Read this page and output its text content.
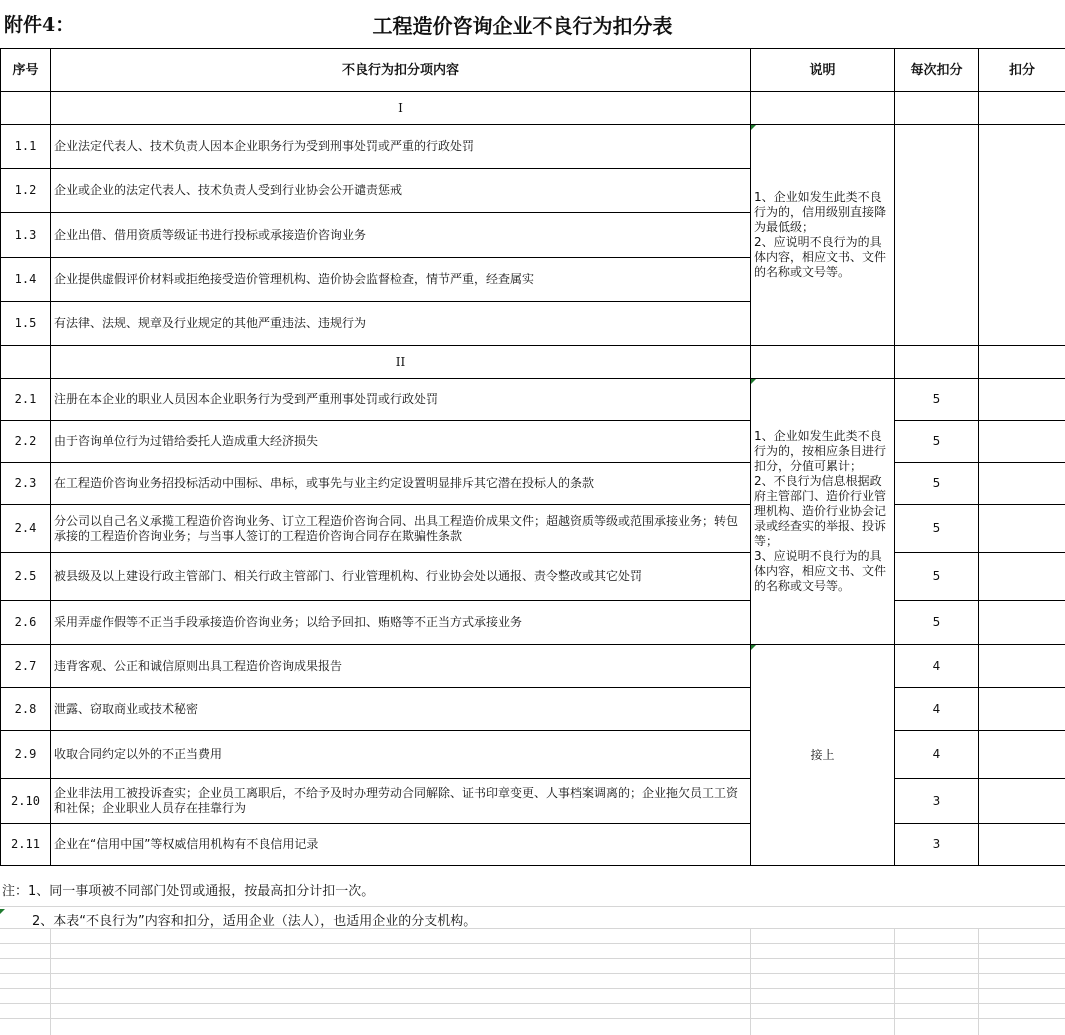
附件4：	工程造价咨询企业不良行为扣分表
序号	不良行为扣分项内容	说明	每次扣分	扣分
	I			
1.1	企业法定代表人、技术负责人因本企业职务行为受到刑事处罚或严重的行政处罚	1、企业如发生此类不良行为的，信用级别直接降为最低级；
2、应说明不良行为的具体内容，相应文书、文件的名称或文号等。		
1.2	企业或企业的法定代表人、技术负责人受到行业协会公开谴责惩戒			
1.3	企业出借、借用资质等级证书进行投标或承接造价咨询业务			
1.4	企业提供虚假评价材料或拒绝接受造价管理机构、造价协会监督检查，情节严重，经查属实			
1.5	有法律、法规、规章及行业规定的其他严重违法、违规行为			
	II			
2.1	注册在本企业的职业人员因本企业职务行为受到严重刑事处罚或行政处罚	1、企业如发生此类不良行为的，按相应条目进行扣分，分值可累计；
2、不良行为信息根据政府主管部门、造价行业管理机构、造价行业协会记录或经查实的举报、投诉等；
3、应说明不良行为的具体内容，相应文书、文件的名称或文号等。	5	
2.2	由于咨询单位行为过错给委托人造成重大经济损失		5	
2.3	在工程造价咨询业务招投标活动中围标、串标，或事先与业主约定设置明显排斥其它潜在投标人的条款		5	
2.4	分公司以自己名义承揽工程造价咨询业务、订立工程造价咨询合同、出具工程造价成果文件；超越资质等级或范围承接业务；转包承接的工程造价咨询业务；与当事人签订的工程造价咨询合同存在欺骗性条款		5	
2.5	被县级及以上建设行政主管部门、相关行政主管部门、行业管理机构、行业协会处以通报、责令整改或其它处罚		5	
2.6	采用弄虚作假等不正当手段承接造价咨询业务；以给予回扣、贿赂等不正当方式承接业务		5	
2.7	违背客观、公正和诚信原则出具工程造价咨询成果报告	接上	4	
2.8	泄露、窃取商业或技术秘密		4	
2.9	收取合同约定以外的不正当费用		4	
2.10	企业非法用工被投诉查实；企业员工离职后，不给予及时办理劳动合同解除、证书印章变更、人事档案调离的；企业拖欠员工工资和社保；企业职业人员存在挂靠行为		3	
2.11	企业在“信用中国”等权威信用机构有不良信用记录		3	
注：1、同一事项被不同部门处罚或通报，按最高扣分计扣一次。
2、本表“不良行为”内容和扣分，适用企业（法人），也适用企业的分支机构。
